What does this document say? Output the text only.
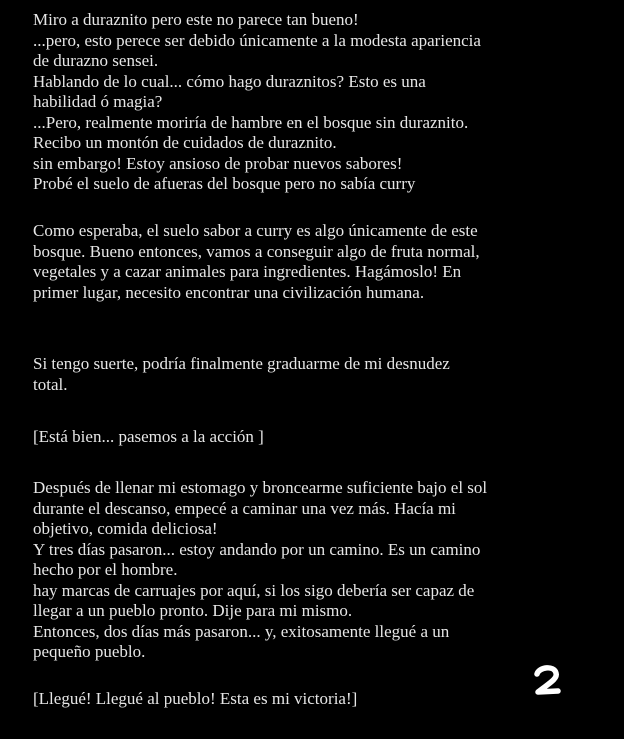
Miro a duraznito pero este no parece tan bueno!
...pero, esto perece ser debido únicamente a la modesta apariencia
de durazno sensei.
Hablando de lo cual... cómo hago duraznitos? Esto es una
habilidad ó magia?
...Pero, realmente moriría de hambre en el bosque sin duraznito.
Recibo un montón de cuidados de duraznito.
sin embargo! Estoy ansioso de probar nuevos sabores!
Probé el suelo de afueras del bosque pero no sabía curry

Como esperaba, el suelo sabor a curry es algo únicamente de este
bosque. Bueno entonces, vamos a conseguir algo de fruta normal,
vegetales y a cazar animales para ingredientes. Hagámoslo! En
primer lugar, necesito encontrar una civilización humana.

Si tengo suerte, podría finalmente graduarme de mi desnudez
total.

[Está bien... pasemos a la acción ]

Después de llenar mi estomago y broncearme suficiente bajo el sol
durante el descanso, empecé a caminar una vez más. Hacía mi
objetivo, comida deliciosa!
Y tres días pasaron... estoy andando por un camino. Es un camino
hecho por el hombre.
hay marcas de carruajes por aquí, si los sigo debería ser capaz de
llegar a un pueblo pronto. Dije para mi mismo.
Entonces, dos días más pasaron... y, exitosamente llegué a un
pequeño pueblo.

[Llegué! Llegué al pueblo! Esta es mi victoria!]
